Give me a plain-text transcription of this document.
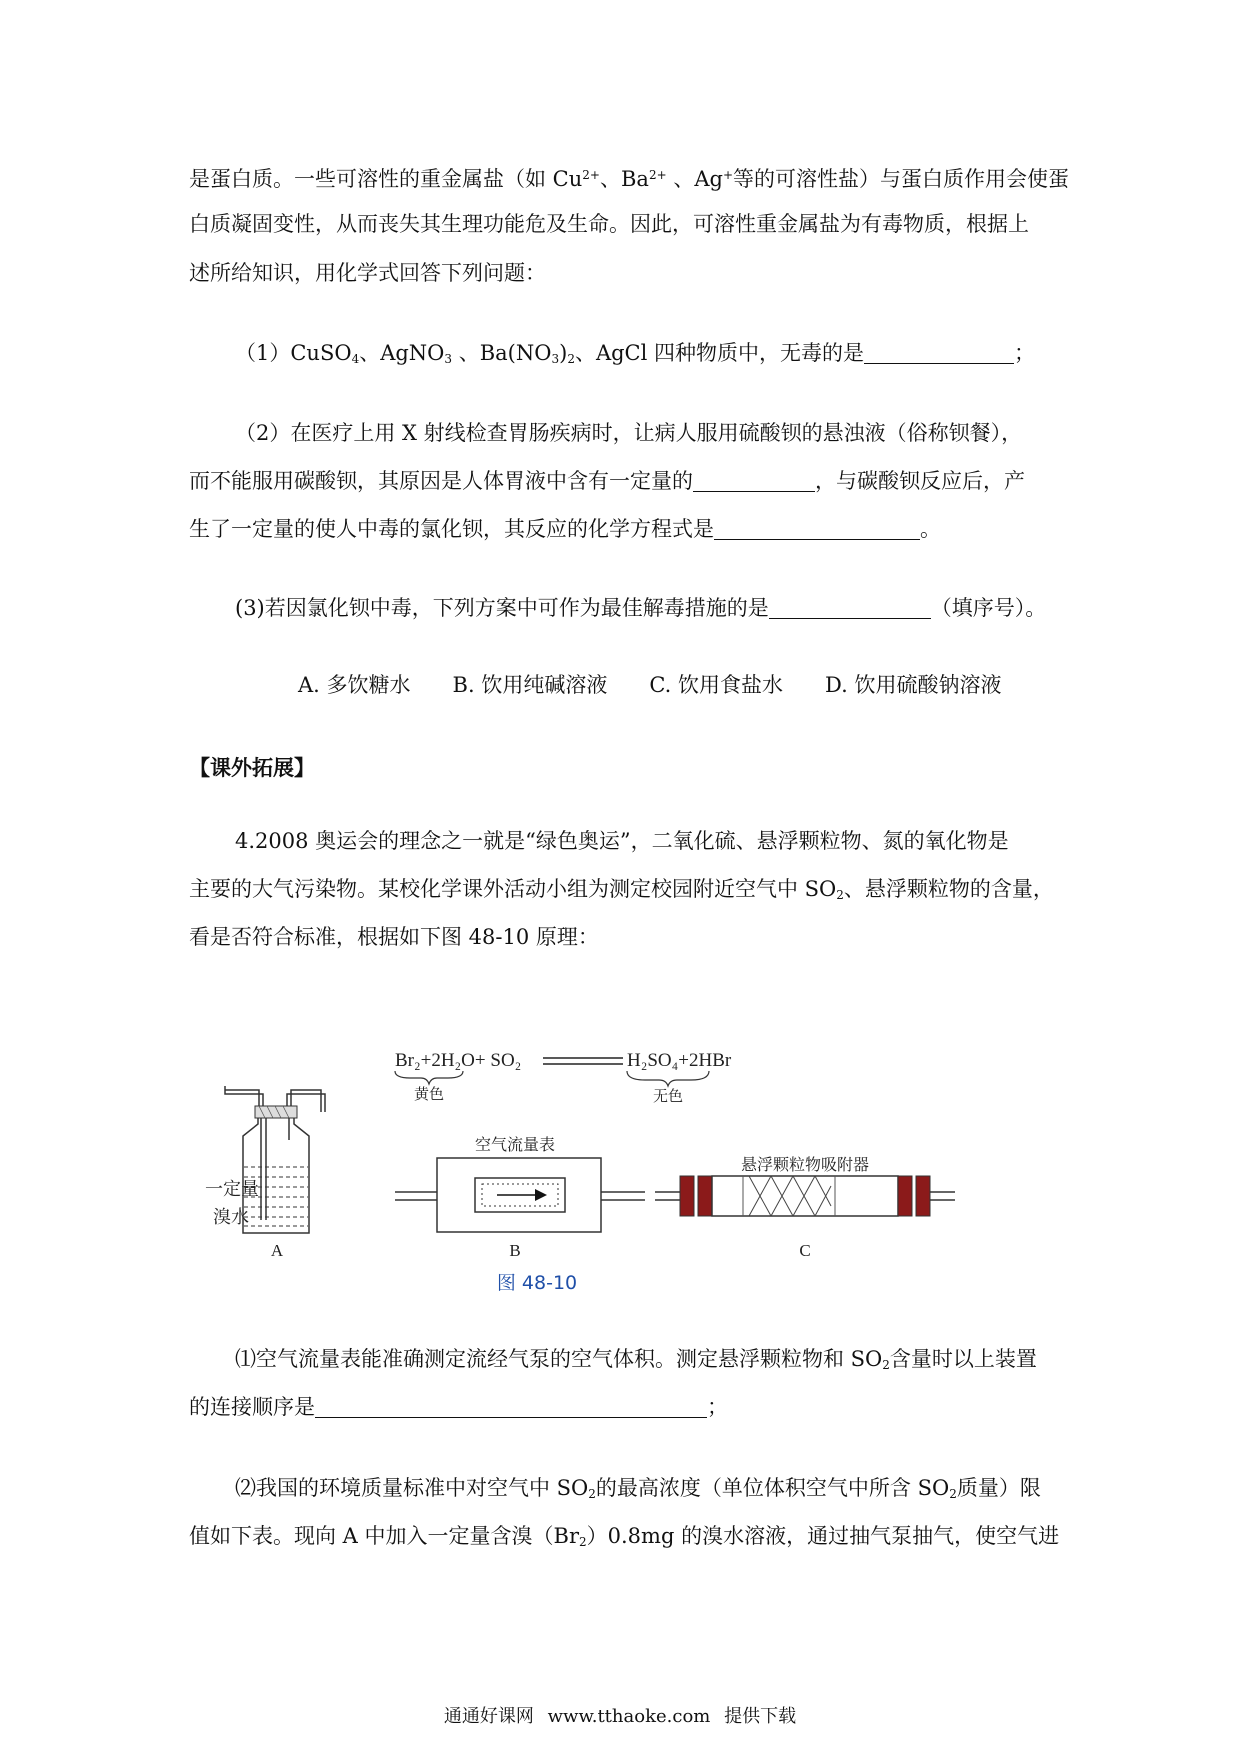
是蛋白质。一些可溶性的重金属盐（如 $Cu^{2+}$、$Ba^{2+}$ 、Ag+等的可溶性盐）与蛋白质作用会使蛋
白质凝固变性，从而丧失其生理功能危及生命。因此，可溶性重金属盐为有毒物质，根据上
述所给知识，用化学式回答下列问题：
（1）CuSO$_4$、AgNO$_3$ 、$Ba(NO_3)_2$、AgCl 四种物质中，无毒的是	；
（2）在医疗上用 X 射线检查胃肠疾病时，让病人服用硫酸钡的悬浊液（俗称钡餐），
而不能服用碳酸钡，其原因是人体胃液中含有一定量的	，与碳酸钡反应后，产
生了一定量的使人中毒的氯化钡，其反应的化学方程式是	。
(3)若因氯化钡中毒，下列方案中可作为最佳解毒措施的是	（填序号）。
A. 多饮糖水 B. 饮用纯碱溶液 C. 饮用食盐水 D. 饮用硫酸钠溶液
【课外拓展】
4.2008 奥运会的理念之一就是“绿色奥运”，二氧化硫、悬浮颗粒物、氮的氧化物是
主要的大气污染物。某校化学课外活动小组为测定校园附近空气中 $SO_2$、悬浮颗粒物的含量，
看是否符合标准，根据如下图 48-10 原理：
Br₂+2H₂O+ SO₂	H₂SO₄+2HBr
黄色	无色
一定量
溴水
A
空气流量表
B
悬浮颗粒物吸附器
C
图 48-10
⑴空气流量表能准确测定流经气泵的空气体积。测定悬浮颗粒物和 $SO_2$含量时以上装置
的连接顺序是	；
⑵我国的环境质量标准中对空气中 $SO_2$的最高浓度（单位体积空气中所含 $SO_2$质量）限
值如下表。现向 A 中加入一定量含溴$(Br_2)0.8mg$ 的溴水溶液，通过抽气泵抽气，使空气进
通通好课网 www.tthaoke.com 提供下载
